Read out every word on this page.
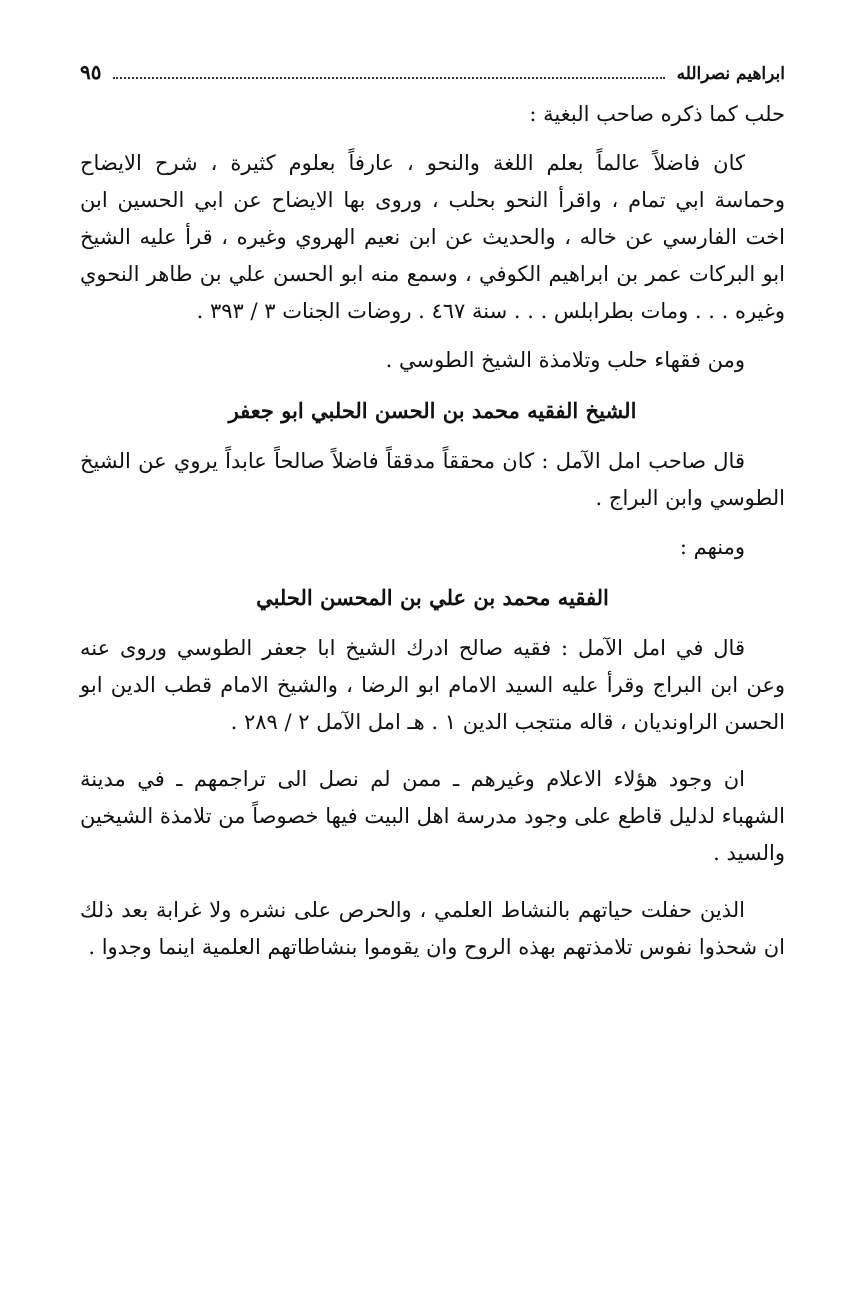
ابراهيم نصرالله
٩٥

حلب كما ذكره صاحب البغية :

كان فاضلاً عالماً بعلم اللغة والنحو ، عارفاً بعلوم كثيرة ، شرح الايضاح وحماسة ابي تمام ، واقرأ النحو بحلب ، وروى بها الايضاح عن ابي الحسين ابن اخت الفارسي عن خاله ، والحديث عن ابن نعيم الهروي وغيره ، قرأ عليه الشيخ ابو البركات عمر بن ابراهيم الكوفي ، وسمع منه ابو الحسن علي بن طاهر النحوي وغيره . . . ومات بطرابلس . . . سنة ٤٦٧ . روضات الجنات ٣ / ٣٩٣ .

ومن فقهاء حلب وتلامذة الشيخ الطوسي .

الشيخ الفقيه محمد بن الحسن الحلبي ابو جعفر

قال صاحب امل الآمل : كان محققاً مدققاً فاضلاً صالحاً عابداً يروي عن الشيخ الطوسي وابن البراج .

ومنهم :

الفقيه محمد بن علي بن المحسن الحلبي

قال في امل الآمل : فقيه صالح ادرك الشيخ ابا جعفر الطوسي وروى عنه وعن ابن البراج وقرأ عليه السيد الامام ابو الرضا ، والشيخ الامام قطب الدين ابو الحسن الراونديان ، قاله منتجب الدين ١ . هـ امل الآمل ٢ / ٢٨٩ .

ان وجود هؤلاء الاعلام وغيرهم ـ ممن لم نصل الى تراجمهم ـ في مدينة الشهباء لدليل قاطع على وجود مدرسة اهل البيت فيها خصوصاً من تلامذة الشيخين والسيد .

الذين حفلت حياتهم بالنشاط العلمي ، والحرص على نشره ولا غرابة بعد ذلك ان شحذوا نفوس تلامذتهم بهذه الروح وان يقوموا بنشاطاتهم العلمية اينما وجدوا .
